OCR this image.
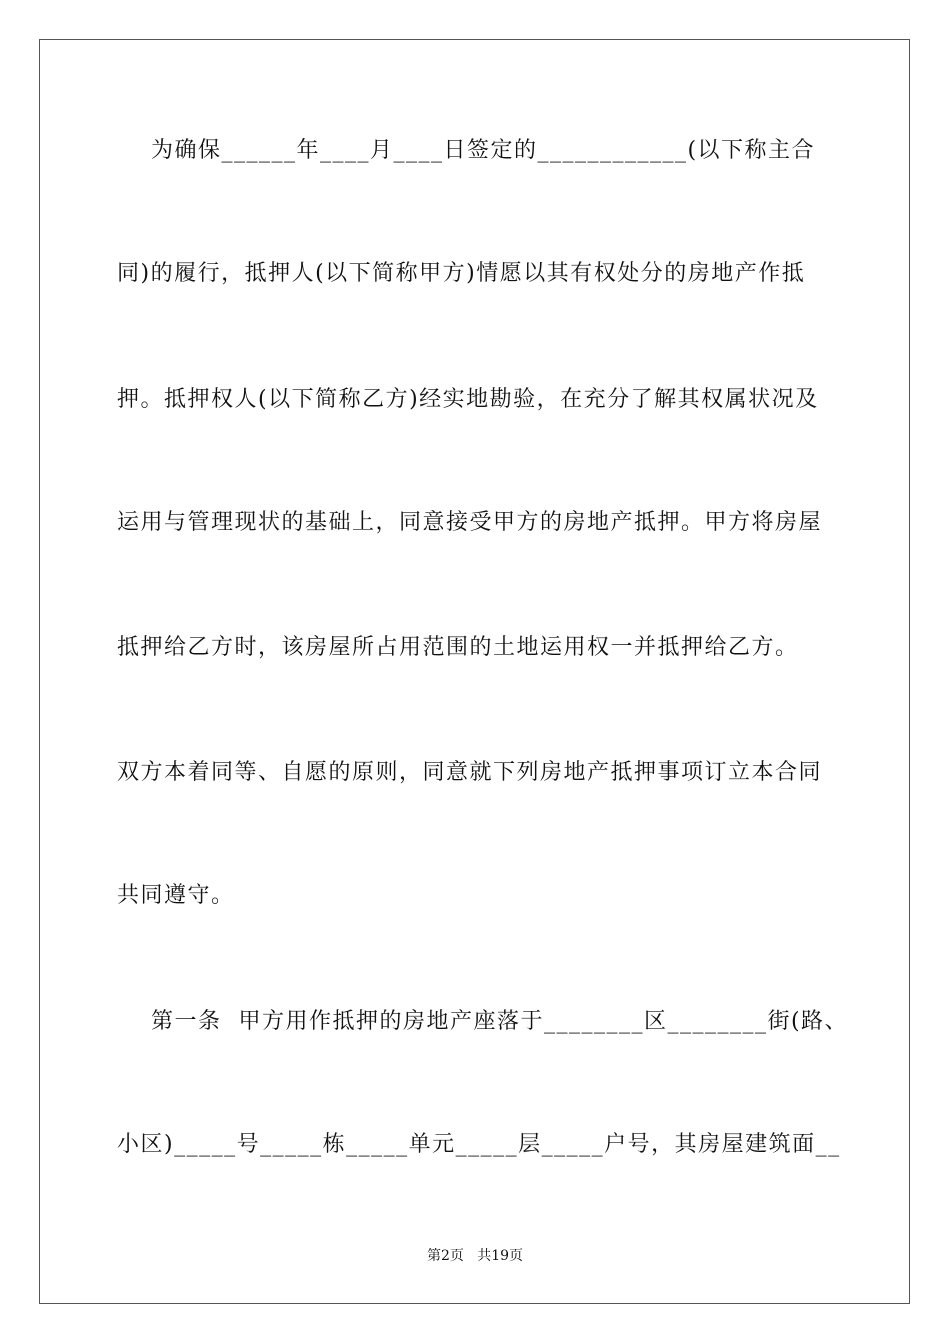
为确保______年____月____日签定的____________(以下称主合
同)的履行，抵押人(以下简称甲方)情愿以其有权处分的房地产作抵
押。抵押权人(以下简称乙方)经实地勘验，在充分了解其权属状况及
运用与管理现状的基础上，同意接受甲方的房地产抵押。甲方将房屋
抵押给乙方时，该房屋所占用范围的土地运用权一并抵押给乙方。
双方本着同等、自愿的原则，同意就下列房地产抵押事项订立本合同
共同遵守。
第一条  甲方用作抵押的房地产座落于________区________街(路、
小区)_____号_____栋_____单元_____层_____户号，其房屋建筑面__
第2页   共19页
